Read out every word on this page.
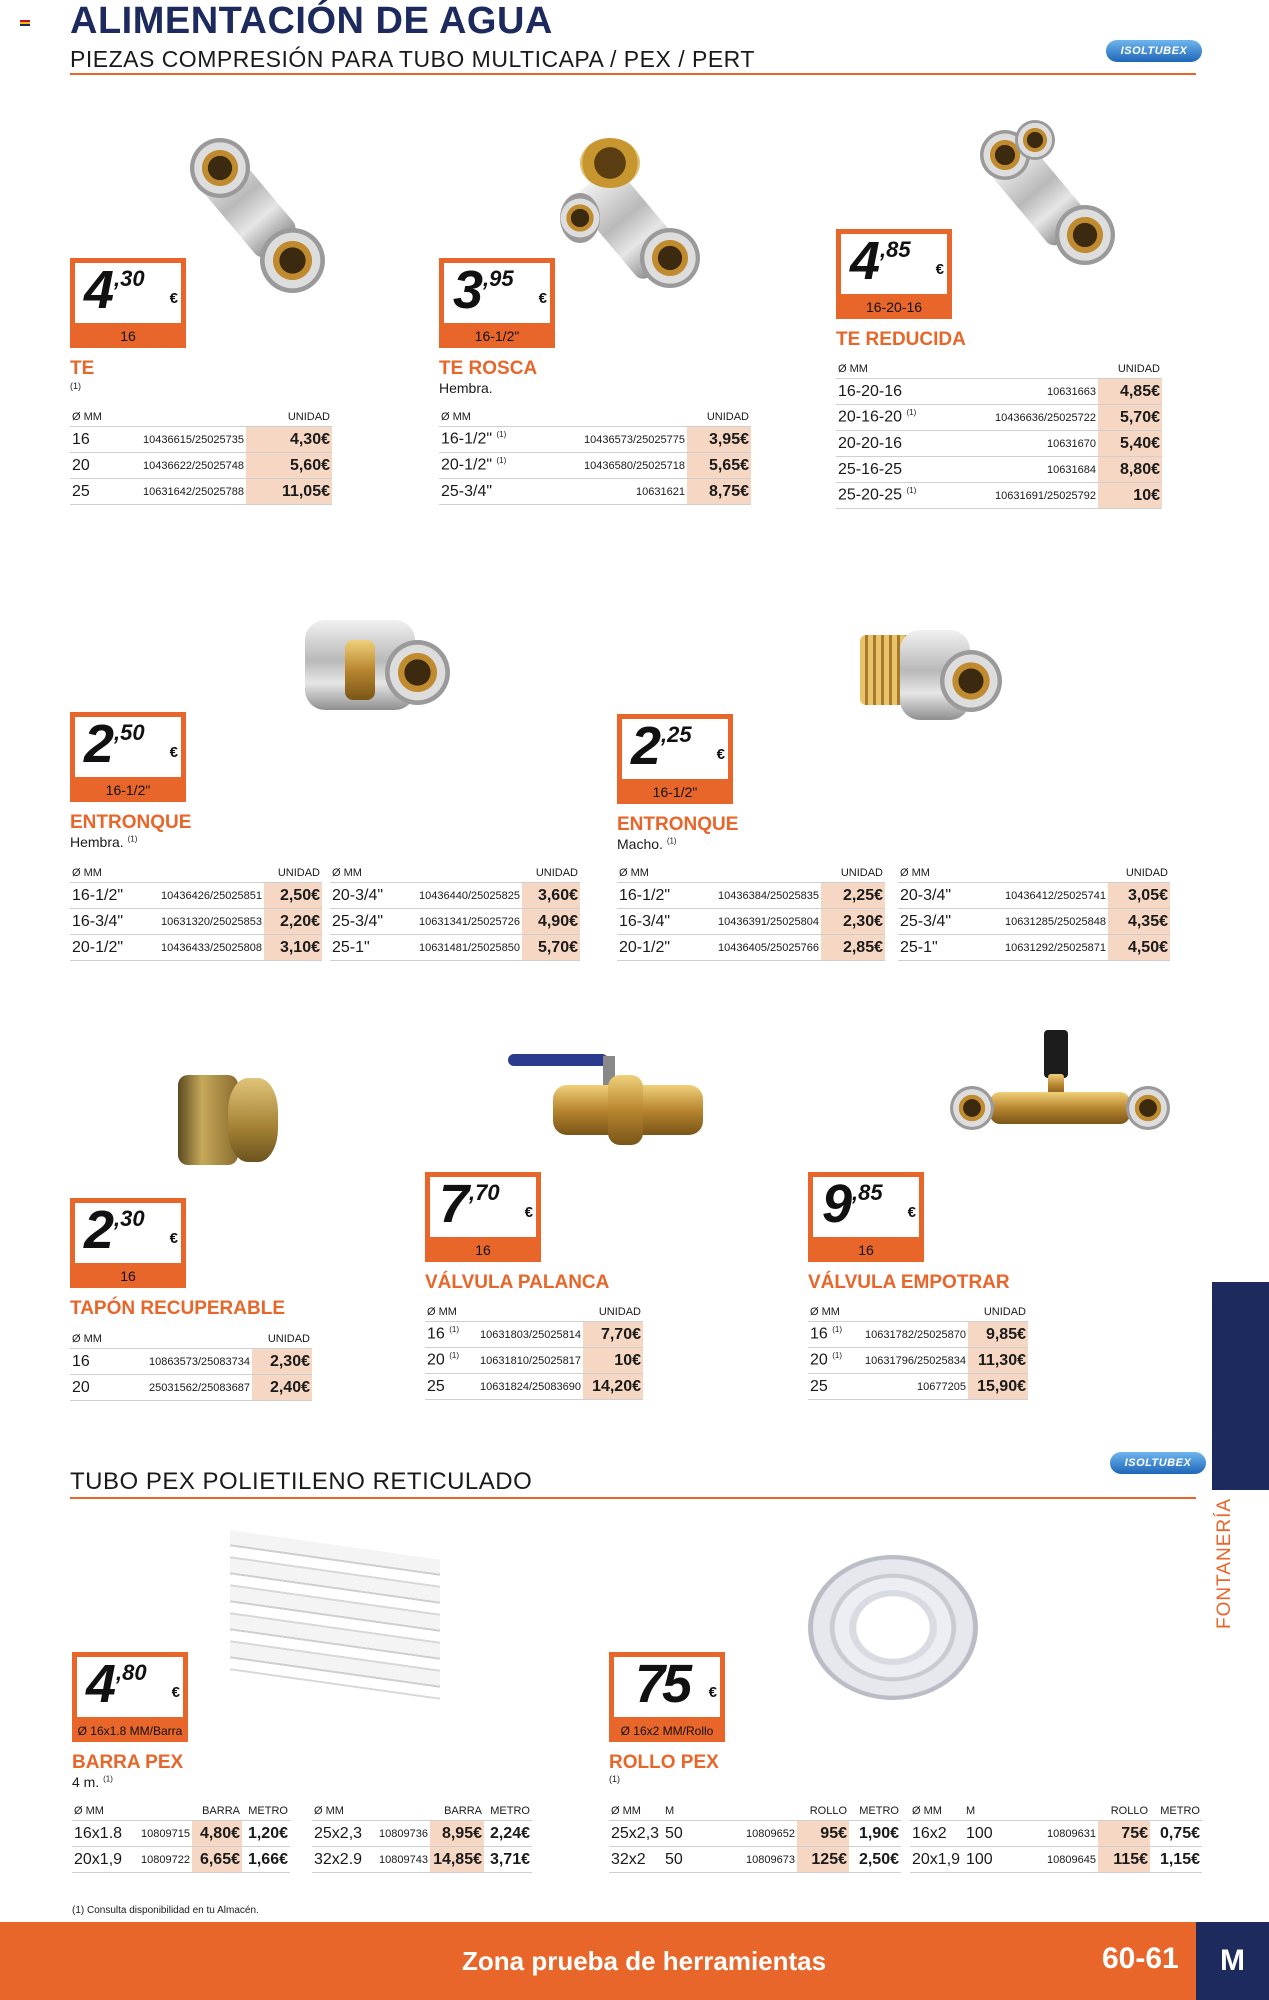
ALIMENTACIÓN DE AGUA
PIEZAS COMPRESIÓN PARA TUBO MULTICAPA / PEX / PERT	ISOLTUBEX
4 ,30
€
16
TE
(1)
Ø MM		UNIDAD
16	10436615/25025735	4,30€
20	10436622/25025748	5,60€
25	10631642/25025788	11,05€
3 ,95
€
16-1/2"
TE ROSCA
Hembra.
Ø MM		UNIDAD
16-1/2" $^{(1)}$	10436573/25025775	3,95€
20-1/2" $^{(1)}$	10436580/25025718	5,65€
25-3/4"	10631621	8,75€
4 ,85
€
16-20-16
TE REDUCIDA
Ø MM		UNIDAD
16-20-16	10631663	4,85€
20-16-20 $^{(1)}$	10436636/25025722	5,70€
20-20-16	10631670	5,40€
25-16-25	10631684	8,80€
25-20-25 $^{(1)}$	10631691/25025792	10€
2 ,50
€
16-1/2"
ENTRONQUE
Hembra. $^{(1)}$
Ø MM		UNIDAD
16-1/2"	10436426/25025851	2,50€
16-3/4"	10631320/25025853	2,20€
20-1/2"	10436433/25025808	3,10€
Ø MM		UNIDAD
20-3/4"	10436440/25025825	3,60€
25-3/4"	10631341/25025726	4,90€
25-1"	10631481/25025850	5,70€
2 ,25
€
16-1/2"
ENTRONQUE
Macho. $^{(1)}$
Ø MM		UNIDAD
16-1/2"	10436384/25025835	2,25€
16-3/4"	10436391/25025804	2,30€
20-1/2"	10436405/25025766	2,85€
Ø MM		UNIDAD
20-3/4"	10436412/25025741	3,05€
25-3/4"	10631285/25025848	4,35€
25-1"	10631292/25025871	4,50€
2 ,30
€
16
TAPÓN RECUPERABLE
Ø MM		UNIDAD
16	10863573/25083734	2,30€
20	25031562/25083687	2,40€
7 ,70
€
16
VÁLVULA PALANCA
Ø MM		UNIDAD
16 $^{(1)}$	10631803/25025814	7,70€
20 $^{(1)}$	10631810/25025817	10€
25	10631824/25083690	14,20€
9 ,85
€
16
VÁLVULA EMPOTRAR
Ø MM		UNIDAD
16 $^{(1)}$	10631782/25025870	9,85€
20 $^{(1)}$	10631796/25025834	11,30€
25	10677205	15,90€
FONTANERÍA
TUBO PEX POLIETILENO RETICULADO
ISOLTUBEX
4 ,80
€
Ø 16x1.8 MM/Barra
BARRA PEX
4 m. $^{(1)}$
Ø MM		BARRA	METRO
16x1.8	10809715	4,80€	1,20€
20x1,9	10809722	6,65€	1,66€
Ø MM		BARRA	METRO
25x2,3	10809736	8,95€	2,24€
32x2.9	10809743	14,85€	3,71€
75 €
Ø 16x2 MM/Rollo
ROLLO PEX
(1)
Ø MM	M		ROLLO	METRO
25x2,3	50	10809652	95€	1,90€
32x2	50	10809673	125€	2,50€
Ø MM	M		ROLLO	METRO
16x2	100	10809631	75€	0,75€
20x1,9	100	10809645	115€	1,15€
(1) Consulta disponibilidad en tu Almacén.
Zona prueba de herramientas	60-61	M
